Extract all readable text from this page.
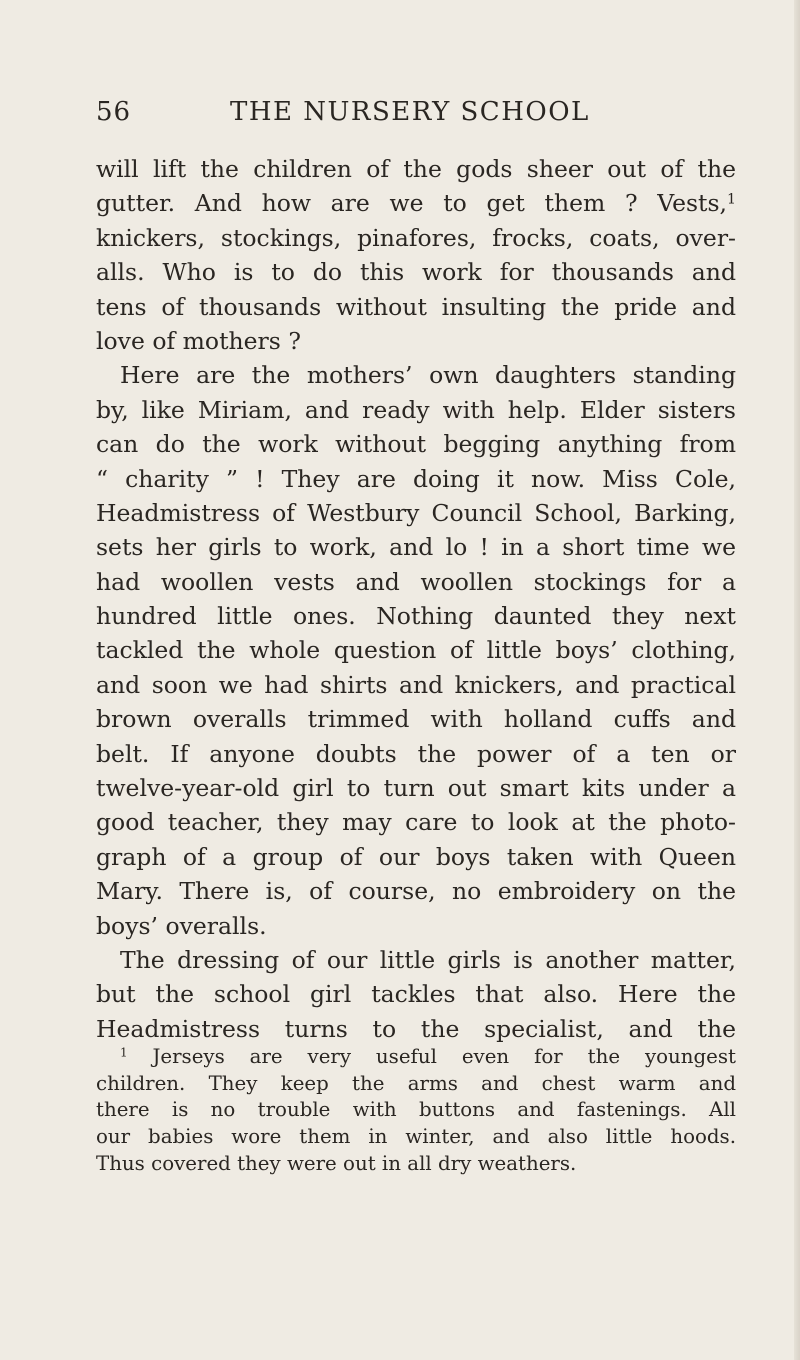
56	THE NURSERY SCHOOL
will lift the children of the gods sheer out of the
gutter. And how are we to get them ? Vests,$^1$
knickers, stockings, pinafores, frocks, coats, over-
alls. Who is to do this work for thousands and
tens of thousands without insulting the pride and
love of mothers ?
Here are the mothers’ own daughters standing
by, like Miriam, and ready with help. Elder sisters
can do the work without begging anything from
“ charity ” ! They are doing it now. Miss Cole,
Headmistress of Westbury Council School, Barking,
sets her girls to work, and lo ! in a short time we
had woollen vests and woollen stockings for a
hundred little ones. Nothing daunted they next
tackled the whole question of little boys’ clothing,
and soon we had shirts and knickers, and practical
brown overalls trimmed with holland cuffs and
belt. If anyone doubts the power of a ten or
twelve-year-old girl to turn out smart kits under a
good teacher, they may care to look at the photo-
graph of a group of our boys taken with Queen
Mary. There is, of course, no embroidery on the
boys’ overalls.
The dressing of our little girls is another matter,
but the school girl tackles that also. Here the
Headmistress turns to the specialist, and the
$^1$ Jerseys are very useful even for the youngest
children. They keep the arms and chest warm and
there is no trouble with buttons and fastenings. All
our babies wore them in winter, and also little hoods.
Thus covered they were out in all dry weathers.
